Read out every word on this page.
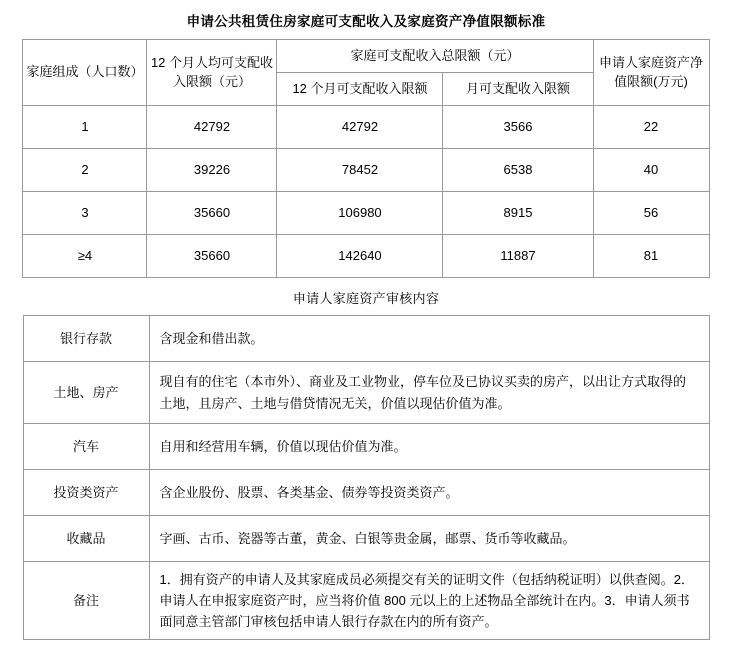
申请公共租赁住房家庭可支配收入及家庭资产净值限额标准
家庭组成（人口数）	12 个月人均可支配收入限额（元）	家庭可支配收入总限额（元）		申请人家庭资产净值限额(万元)
		12 个月可支配收入限额	月可支配收入限额	
1	42792	42792	3566	22
2	39226	78452	6538	40
3	35660	106980	8915	56
≥4	35660	142640	11887	81
申请人家庭资产审核内容
银行存款	含现金和借出款。
土地、房产	现自有的住宅（本市外）、商业及工业物业，停车位及已协议买卖的房产，以出让方式取得的土地，且房产、土地与借贷情况无关，价值以现估价值为准。
汽车	自用和经营用车辆，价值以现估价值为准。
投资类资产	含企业股份、股票、各类基金、债券等投资类资产。
收藏品	字画、古币、瓷器等古董，黄金、白银等贵金属，邮票、货币等收藏品。
备注	1．拥有资产的申请人及其家庭成员必须提交有关的证明文件（包括纳税证明）以供查阅。2．申请人在申报家庭资产时，应当将价值 800 元以上的上述物品全部统计在内。3．申请人须书面同意主管部门审核包括申请人银行存款在内的所有资产。
